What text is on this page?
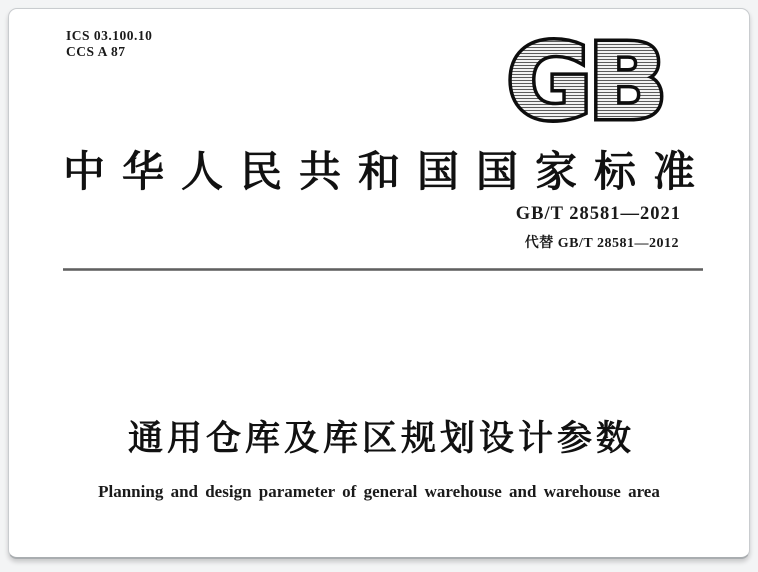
ICS 03.100.10
CCS A 87	GB
中华人民共和国国家标准
GB/T 28581—2021
代替 GB/T 28581—2012
通用仓库及库区规划设计参数
Planning and design parameter of general warehouse and warehouse area
